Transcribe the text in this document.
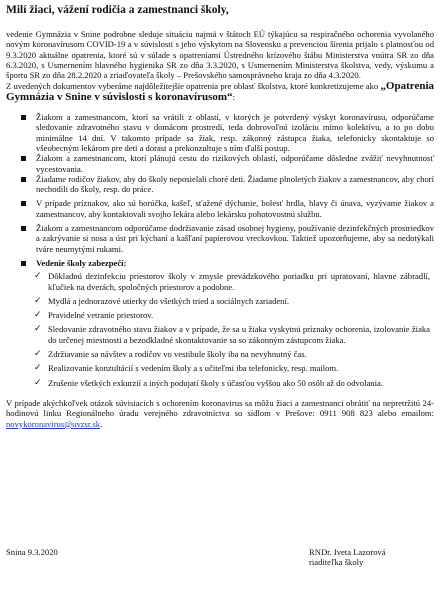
Milí žiaci, vážení rodičia a zamestnanci školy,

vedenie Gymnázia v Snine podrobne sleduje situáciu najmä v štátoch EÚ týkajúcu sa respiračného ochorenia vyvolaného novým koronavírusom COVID-19 a v súvislosti s jeho výskytom na Slovensku a prevenciou šírenia prijalo s platnosťou od 9.3.2020 aktuálne opatrenia, ktoré sú v súlade s opatreniami Ústredného krízového štábu Ministerstva vnútra SR zo dňa 6.3.2020, s Usmernením hlavného hygienika SR zo dňa 3.3.2020, s Usmernením Ministerstva školstva, vedy, výskumu a športu SR zo dňa 28.2.2020 a zriaďovateľa školy – Prešovského samosprávneho kraja zo dňa 4.3.2020.

Z uvedených dokumentov vyberáme najdôležitejšie opatrenia pre oblasť školstva, ktoré konkretizujeme ako „Opatrenia Gymnázia v Snine v súvislosti s koronavírusom“:

Žiakom a zamestnancom, ktorí sa vrátili z oblastí, v ktorých je potvrdený výskyt koronavírusu, odporúčame sledovanie zdravotného stavu v domácom prostredí, teda dobrovoľnú izoláciu mimo kolektívu, a to po dobu minimálne 14 dní. V takomto prípade sa žiak, resp. zákonný zástupca žiaka, telefonicky skontaktuje so všeobecným lekárom pre deti a dorast a prekonzultuje s ním ďalší postup.
Žiakom a zamestnancom, ktorí plánujú cestu do rizikových oblastí, odporúčame dôsledne zvážiť nevyhnutnosť vycestovania.
Žiadame rodičov žiakov, aby do školy neposielali choré deti. Žiadame plnoletých žiakov a zamestnancov, aby chorí nechodili do školy, resp. do práce.
V prípade príznakov, ako sú horúčka, kašeľ, sťažené dýchanie, bolesť hrdla, hlavy či únava, vyzývame žiakov a zamestnancov, aby kontaktovali svojho lekára alebo lekársku pohotovostnú službu.
Žiakom a zamestnancom odporúčame dodržiavanie zásad osobnej hygieny, používanie dezinfekčných prostriedkov a zakrývanie si nosa a úst pri kýchaní a kašľaní papierovou vreckovkou. Taktiež upozorňujeme, aby sa nedotýkali tváre neumytými rukami.
Vedenie školy zabezpečí:
✓ Dôkladnú dezinfekciu priestorov školy v zmysle prevádzkového poriadku pri upratovaní, hlavne zábradlí, kľučiek na dverách, spoločných priestorov a podobne.
✓ Mydlá a jednorazové utierky do všetkých tried a sociálnych zariadení.
✓ Pravidelné vetranie priestorov.
✓ Sledovanie zdravotného stavu žiakov a v prípade, že sa u žiaka vyskytnú príznaky ochorenia, izolovanie žiaka do určenej miestnosti a bezodkladné skontaktovanie sa so zákonným zástupcom žiaka.
✓ Zdržiavanie sa návštev a rodičov vo vestibule školy iba na nevyhnutný čas.
✓ Realizovanie konzultácií s vedením školy a s učiteľmi iba telefonicky, resp. mailom.
✓ Zrušenie všetkých exkurzií a iných podujatí školy s účasťou vyššou ako 50 osôb až do odvolania.

V prípade akýchkoľvek otázok súvisiacich s ochorením koronavirus sa môžu žiaci a zamestnanci obrátiť na nepretržitú 24-hodinovú linku Regionálneho úradu verejného zdravotníctva so sídlom v Prešove: 0911 908 823 alebo emailom: novykoronavirus@uvzsr.sk.

Snina 9.3.2020	RNDr. Iveta Lazorová
riaditeľka školy
